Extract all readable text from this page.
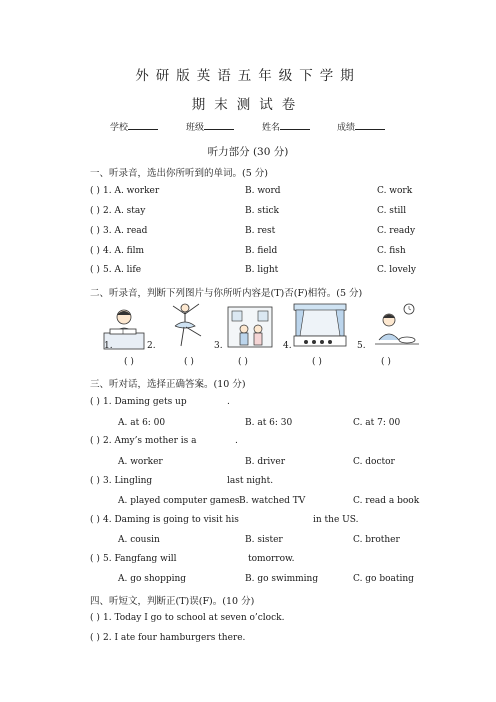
外研版英语五年级下学期
期末测试卷
学校	班级	姓名	成绩
听力部分 (30 分)
一、听录音，选出你所听到的单词。(5 分)
( ) 1. A. worker	B. word	C. work
( ) 2. A. stay	B. stick	C. still
( ) 3. A. read	B. rest	C. ready
( ) 4. A. film	B. field	C. fish
( ) 5. A. life	B. light	C. lovely
二、听录音，判断下列图片与你所听内容是(T)否(F)相符。(5 分)
1.	2.	3.	4.	5.
( )	( )	( )	( )	( )
三、听对话，选择正确答案。(10 分)
( ) 1. Daming gets up	.
A. at 6: 00	B. at 6: 30	C. at 7: 00
( ) 2. Amy’s mother is a	.
A. worker	B. driver	C. doctor
( ) 3. Lingling	last night.
A. played computer games B. watched TV	C. read a book
( ) 4. Daming is going to visit his	in the US.
A. cousin	B. sister	C. brother
( ) 5. Fangfang will	tomorrow.
A. go shopping	B. go swimming	C. go boating
四、听短文，判断正(T)误(F)。(10 分)
( ) 1. Today I go to school at seven o’clock.
( ) 2. I ate four hamburgers there.
